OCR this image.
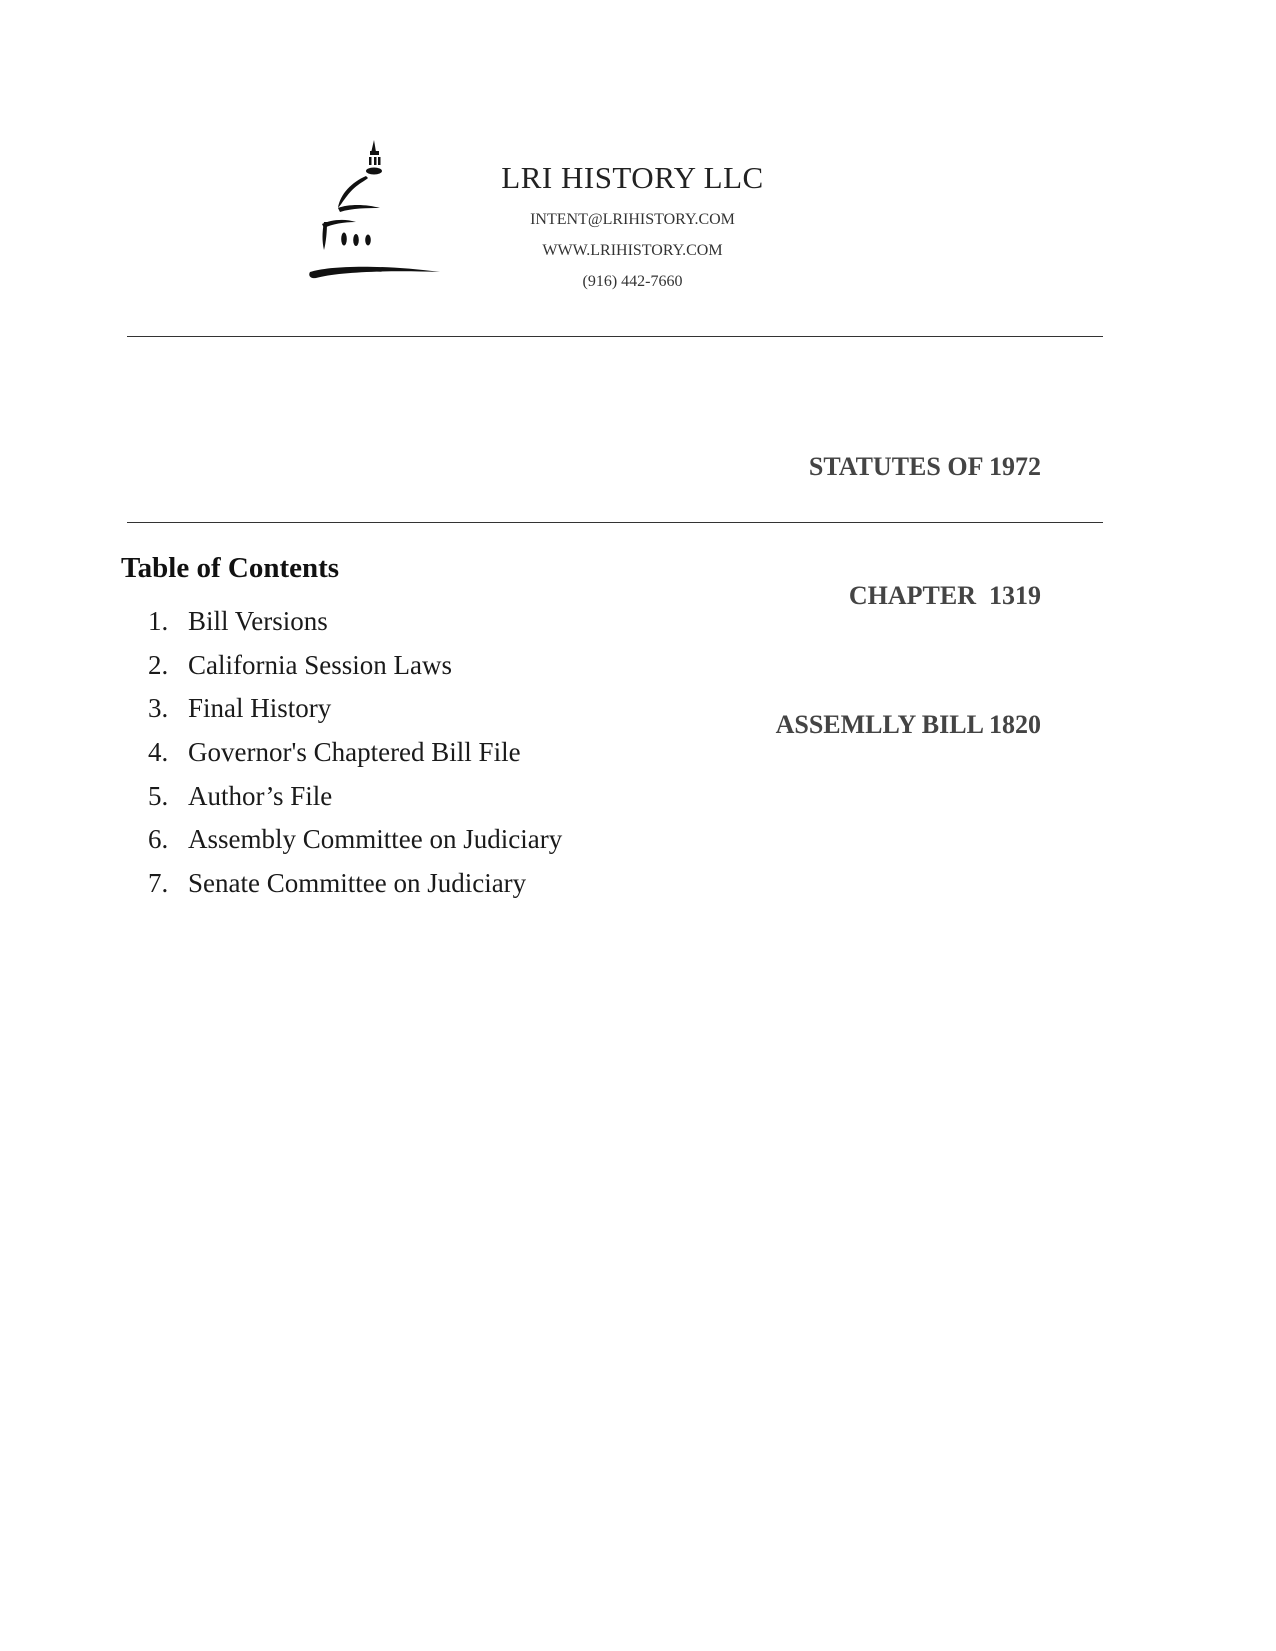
LRI HISTORY LLC
INTENT@LRIHISTORY.COM
WWW.LRIHISTORY.COM
(916) 442-7660

STATUTES OF 1972

CHAPTER  1319

ASSEMLLY BILL 1820

Table of Contents
1. Bill Versions
2. California Session Laws
3. Final History
4. Governor's Chaptered Bill File
5. Author’s File
6. Assembly Committee on Judiciary
7. Senate Committee on Judiciary
